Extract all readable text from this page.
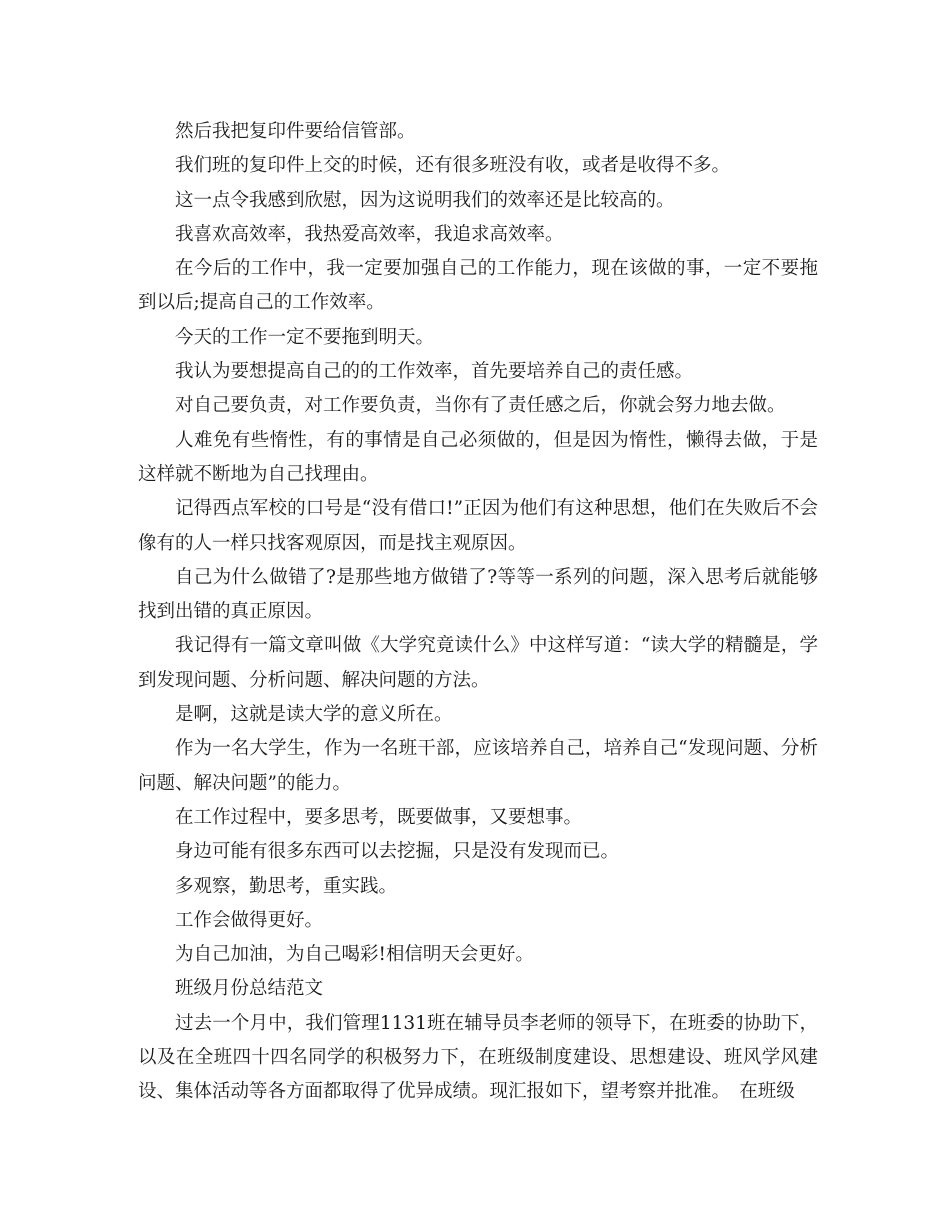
然后我把复印件要给信管部。

我们班的复印件上交的时候，还有很多班没有收，或者是收得不多。

这一点令我感到欣慰，因为这说明我们的效率还是比较高的。

我喜欢高效率，我热爱高效率，我追求高效率。

在今后的工作中，我一定要加强自己的工作能力，现在该做的事，一定不要拖到以后;提高自己的工作效率。

今天的工作一定不要拖到明天。

我认为要想提高自己的的工作效率，首先要培养自己的责任感。

对自己要负责，对工作要负责，当你有了责任感之后，你就会努力地去做。

人难免有些惰性，有的事情是自己必须做的，但是因为惰性，懒得去做，于是这样就不断地为自己找理由。

记得西点军校的口号是“没有借口!”正因为他们有这种思想，他们在失败后不会像有的人一样只找客观原因，而是找主观原因。

自己为什么做错了?是那些地方做错了?等等一系列的问题，深入思考后就能够找到出错的真正原因。

我记得有一篇文章叫做《大学究竟读什么》中这样写道：“读大学的精髓是，学到发现问题、分析问题、解决问题的方法。

是啊，这就是读大学的意义所在。

作为一名大学生，作为一名班干部，应该培养自己，培养自己“发现问题、分析问题、解决问题”的能力。

在工作过程中，要多思考，既要做事，又要想事。

身边可能有很多东西可以去挖掘，只是没有发现而已。

多观察，勤思考，重实践。

工作会做得更好。

为自己加油，为自己喝彩!相信明天会更好。

班级月份总结范文

过去一个月中，我们管理1131班在辅导员李老师的领导下，在班委的协助下，以及在全班四十四名同学的积极努力下，在班级制度建设、思想建设、班风学风建设、集体活动等各方面都取得了优异成绩。现汇报如下，望考察并批准。　在班级
